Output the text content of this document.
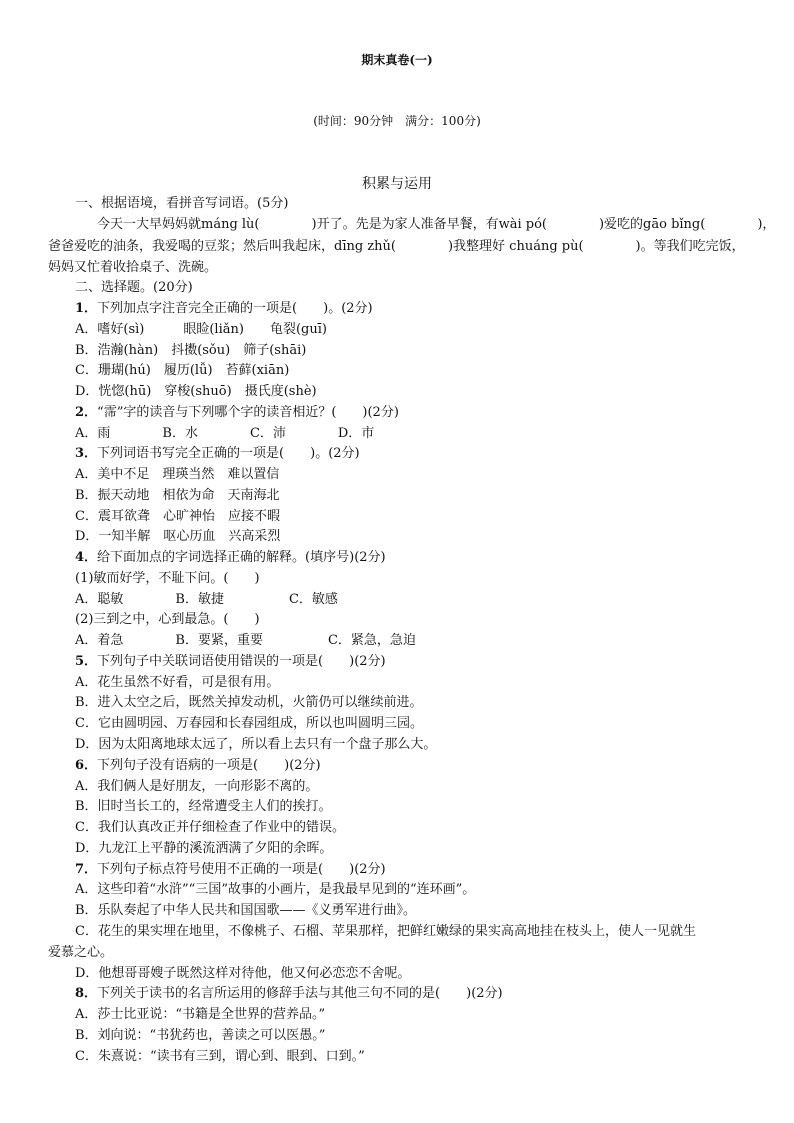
期末真卷(一)
(时间：90分钟　满分：100分)
积累与运用
一、根据语境，看拼音写词语。(5分)
今天一大早妈妈就máng lù(　　　　)开了。先是为家人准备早餐，有wài pó(　　　　)爱吃的gāo bǐng(　　　　)，
爸爸爱吃的油条，我爱喝的豆浆；然后叫我起床，dīng zhǔ(　　　　)我整理好 chuáng pù(　　　　)。等我们吃完饭，
妈妈又忙着收拾桌子、洗碗。
二、选择题。(20分)
1．下列加点字注音完全正确的一项是(　　)。(2分)
A．嗜好(sì)　　　眼睑(liǎn)　　龟裂(guī)
B．浩瀚(hàn)　抖擞(sǒu)　筛子(shāi)
C．珊瑚(hú)　履历(lǚ)　苔藓(xiān)
D．恍惚(hū)　穿梭(shuō)　摄氏度(shè)
2．“霈”字的读音与下列哪个字的读音相近？(　　)(2分)
A．雨　　　　B．水　　　　C．沛　　　　D．市
3．下列词语书写完全正确的一项是(　　)。(2分)
A．美中不足　理瑛当然　难以置信
B．振天动地　相依为命　天南海北
C．震耳欲聋　心旷神怡　应接不暇
D．一知半解　呕心历血　兴高采烈
4．给下面加点的字词选择正确的解释。(填序号)(2分)
(1)敏而好学，不耻下问。(　　)
A．聪敏　　　　B．敏捷　　　　　C．敏感
(2)三到之中，心到最急。(　　)
A．着急　　　　B．要紧，重要　　　　　C．紧急，急迫
5．下列句子中关联词语使用错误的一项是(　　)(2分)
A．花生虽然不好看，可是很有用。
B．进入太空之后，既然关掉发动机，火箭仍可以继续前进。
C．它由圆明园、万春园和长春园组成，所以也叫圆明三园。
D．因为太阳离地球太远了，所以看上去只有一个盘子那么大。
6．下列句子没有语病的一项是(　　)(2分)
A．我们俩人是好朋友，一向形影不离的。
B．旧时当长工的，经常遭受主人们的挨打。
C．我们认真改正并仔细检查了作业中的错误。
D．九龙江上平静的溪流洒满了夕阳的余晖。
7．下列句子标点符号使用不正确的一项是(　　)(2分)
A．这些印着“水浒”“三国”故事的小画片，是我最早见到的“连环画”。
B．乐队奏起了中华人民共和国国歌——《义勇军进行曲》。
C．花生的果实埋在地里，不像桃子、石榴、苹果那样，把鲜红嫩绿的果实高高地挂在枝头上，使人一见就生
爱慕之心。
D．他想哥哥嫂子既然这样对待他，他又何必恋恋不舍呢。
8．下列关于读书的名言所运用的修辞手法与其他三句不同的是(　　)(2分)
A．莎士比亚说：“书籍是全世界的营养品。”
B．刘向说：“书犹药也，善读之可以医愚。”
C．朱熹说：“读书有三到，谓心到、眼到、口到。”
